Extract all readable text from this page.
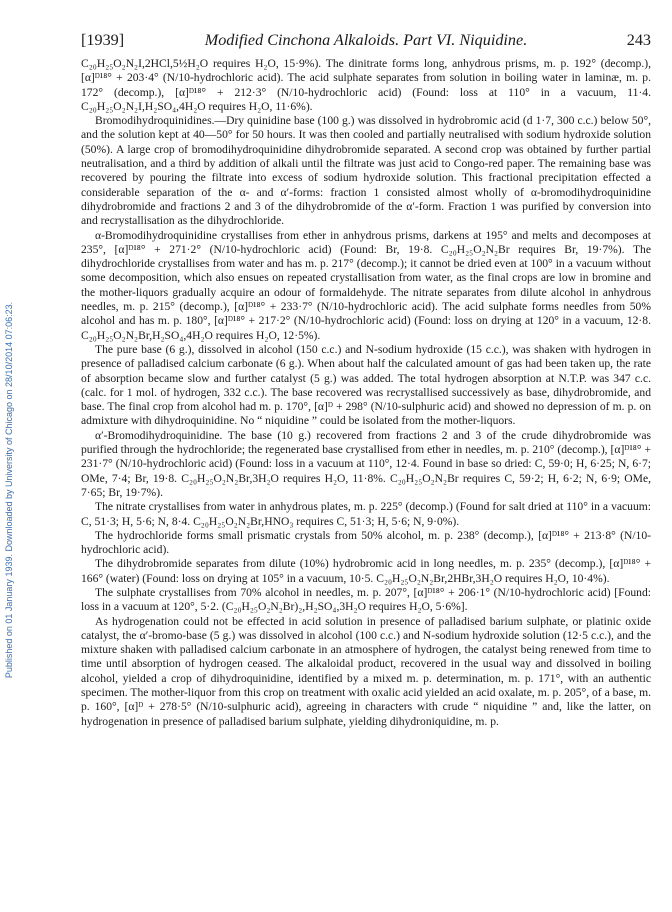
Published on 01 January 1939. Downloaded by University of Chicago on 28/10/2014 07:06:23.
[1939]	Modified Cinchona Alkaloids. Part VI. Niquidine.	243

C₂₀H₂₅O₂N₂I,2HCl,5½H₂O requires H₂O, 15·9%). The dinitrate forms long, anhydrous prisms, m. p. 192° (decomp.), [α]ᴰ¹⁸° + 203·4° (N/10-hydrochloric acid). The acid sulphate separates from solution in boiling water in laminæ, m. p. 172° (decomp.), [α]ᴰ¹⁸° + 212·3° (N/10-hydrochloric acid) (Found: loss at 110° in a vacuum, 11·4. C₂₀H₂₅O₂N₂I,H₂SO₄,4H₂O requires H₂O, 11·6%).

Bromodihydroquinidines.—Dry quinidine base (100 g.) was dissolved in hydrobromic acid (d 1·7, 300 c.c.) below 50°, and the solution kept at 40—50° for 50 hours. It was then cooled and partially neutralised with sodium hydroxide solution (50%). A large crop of bromodihydroquinidine dihydrobromide separated. A second crop was obtained by further partial neutralisation, and a third by addition of alkali until the filtrate was just acid to Congo-red paper. The remaining base was recovered by pouring the filtrate into excess of sodium hydroxide solution. This fractional precipitation effected a considerable separation of the α- and α′-forms: fraction 1 consisted almost wholly of α-bromodihydroquinidine dihydrobromide and fractions 2 and 3 of the dihydrobromide of the α′-form. Fraction 1 was purified by conversion into and recrystallisation as the dihydrochloride.

α-Bromodihydroquinidine crystallises from ether in anhydrous prisms, darkens at 195° and melts and decomposes at 235°, [α]ᴰ¹⁸° + 271·2° (N/10-hydrochloric acid) (Found: Br, 19·8. C₂₀H₂₅O₂N₂Br requires Br, 19·7%). The dihydrochloride crystallises from water and has m. p. 217° (decomp.); it cannot be dried even at 100° in a vacuum without some decomposition, which also ensues on repeated crystallisation from water, as the final crops are low in bromine and the mother-liquors gradually acquire an odour of formaldehyde. The nitrate separates from dilute alcohol in anhydrous needles, m. p. 215° (decomp.), [α]ᴰ¹⁸° + 233·7° (N/10-hydrochloric acid). The acid sulphate forms needles from 50% alcohol and has m. p. 180°, [α]ᴰ¹⁸° + 217·2° (N/10-hydrochloric acid) (Found: loss on drying at 120° in a vacuum, 12·8. C₂₀H₂₅O₂N₂Br,H₂SO₄,4H₂O requires H₂O, 12·5%).

The pure base (6 g.), dissolved in alcohol (150 c.c.) and N-sodium hydroxide (15 c.c.), was shaken with hydrogen in presence of palladised calcium carbonate (6 g.). When about half the calculated amount of gas had been taken up, the rate of absorption became slow and further catalyst (5 g.) was added. The total hydrogen absorption at N.T.P. was 347 c.c. (calc. for 1 mol. of hydrogen, 332 c.c.). The base recovered was recrystallised successively as base, dihydrobromide, and base. The final crop from alcohol had m. p. 170°, [α]ᴰ + 298° (N/10-sulphuric acid) and showed no depression of m. p. on admixture with dihydroquinidine. No “ niquidine ” could be isolated from the mother-liquors.

α′-Bromodihydroquinidine. The base (10 g.) recovered from fractions 2 and 3 of the crude dihydrobromide was purified through the hydrochloride; the regenerated base crystallised from ether in needles, m. p. 210° (decomp.), [α]ᴰ¹⁸° + 231·7° (N/10-hydrochloric acid) (Found: loss in a vacuum at 110°, 12·4. Found in base so dried: C, 59·0; H, 6·25; N, 6·7; OMe, 7·4; Br, 19·8. C₂₀H₂₅O₂N₂Br,3H₂O requires H₂O, 11·8%. C₂₀H₂₅O₂N₂Br requires C, 59·2; H, 6·2; N, 6·9; OMe, 7·65; Br, 19·7%).

The nitrate crystallises from water in anhydrous plates, m. p. 225° (decomp.) (Found for salt dried at 110° in a vacuum: C, 51·3; H, 5·6; N, 8·4. C₂₀H₂₅O₂N₂Br,HNO₃ requires C, 51·3; H, 5·6; N, 9·0%).

The hydrochloride forms small prismatic crystals from 50% alcohol, m. p. 238° (decomp.), [α]ᴰ¹⁸° + 213·8° (N/10-hydrochloric acid).

The dihydrobromide separates from dilute (10%) hydrobromic acid in long needles, m. p. 235° (decomp.), [α]ᴰ¹⁸° + 166° (water) (Found: loss on drying at 105° in a vacuum, 10·5. C₂₀H₂₅O₂N₂Br,2HBr,3H₂O requires H₂O, 10·4%).

The sulphate crystallises from 70% alcohol in needles, m. p. 207°, [α]ᴰ¹⁸° + 206·1° (N/10-hydrochloric acid) [Found: loss in a vacuum at 120°, 5·2. (C₂₀H₂₅O₂N₂Br)₂,H₂SO₄,3H₂O requires H₂O, 5·6%].

As hydrogenation could not be effected in acid solution in presence of palladised barium sulphate, or platinic oxide catalyst, the α′-bromo-base (5 g.) was dissolved in alcohol (100 c.c.) and N-sodium hydroxide solution (12·5 c.c.), and the mixture shaken with palladised calcium carbonate in an atmosphere of hydrogen, the catalyst being renewed from time to time until absorption of hydrogen ceased. The alkaloidal product, recovered in the usual way and dissolved in boiling alcohol, yielded a crop of dihydroquinidine, identified by a mixed m. p. determination, m. p. 171°, with an authentic specimen. The mother-liquor from this crop on treatment with oxalic acid yielded an acid oxalate, m. p. 205°, of a base, m. p. 160°, [α]ᴰ + 278·5° (N/10-sulphuric acid), agreeing in characters with crude “ niquidine ” and, like the latter, on hydrogenation in presence of palladised barium sulphate, yielding dihydroniquidine, m. p.
